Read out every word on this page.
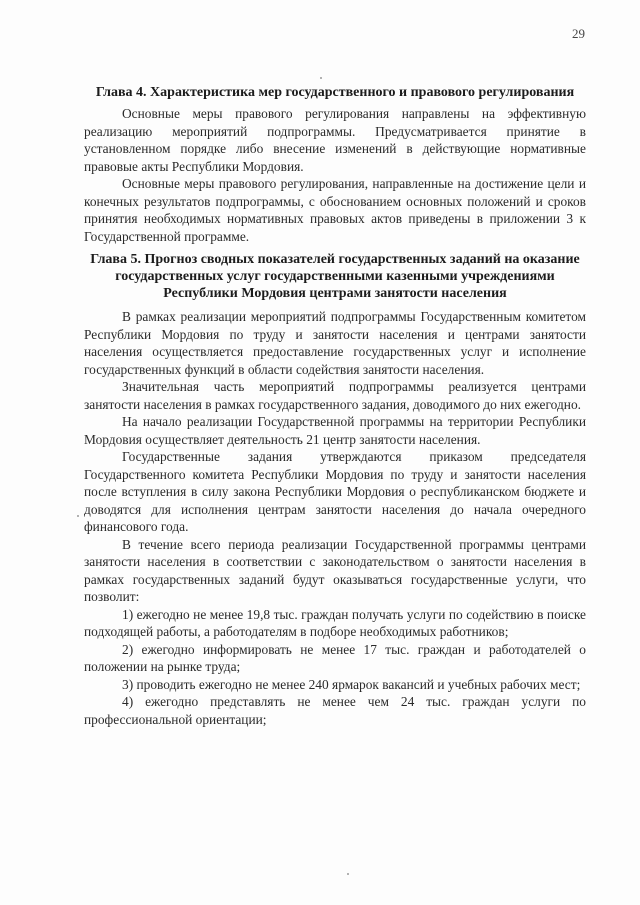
29
Глава 4. Характеристика мер государственного и правового регулирования

Основные меры правового регулирования направлены на эффективную реализацию мероприятий подпрограммы. Предусматривается принятие в установленном порядке либо внесение изменений в действующие нормативные правовые акты Республики Мордовия.

Основные меры правового регулирования, направленные на достижение цели и конечных результатов подпрограммы, с обоснованием основных положений и сроков принятия необходимых нормативных правовых актов приведены в приложении 3 к Государственной программе.

Глава 5. Прогноз сводных показателей государственных заданий на оказание государственных услуг государственными казенными учреждениями Республики Мордовия центрами занятости населения

В рамках реализации мероприятий подпрограммы Государственным комитетом Республики Мордовия по труду и занятости населения и центрами занятости населения осуществляется предоставление государственных услуг и исполнение государственных функций в области содействия занятости населения.

Значительная часть мероприятий подпрограммы реализуется центрами занятости населения в рамках государственного задания, доводимого до них ежегодно.

На начало реализации Государственной программы на территории Республики Мордовия осуществляет деятельность 21 центр занятости населения.

Государственные задания утверждаются приказом председателя Государственного комитета Республики Мордовия по труду и занятости населения после вступления в силу закона Республики Мордовия о республиканском бюджете и доводятся для исполнения центрам занятости населения до начала очередного финансового года.

В течение всего периода реализации Государственной программы центрами занятости населения в соответствии с законодательством о занятости населения в рамках государственных заданий будут оказываться государственные услуги, что позволит:

1) ежегодно не менее 19,8 тыс. граждан получать услуги по содействию в поиске подходящей работы, а работодателям в подборе необходимых работников;

2) ежегодно информировать не менее 17 тыс. граждан и работодателей о положении на рынке труда;

3) проводить ежегодно не менее 240 ярмарок вакансий и учебных рабочих мест;

4) ежегодно представлять не менее чем 24 тыс. граждан услуги по профессиональной ориентации;
